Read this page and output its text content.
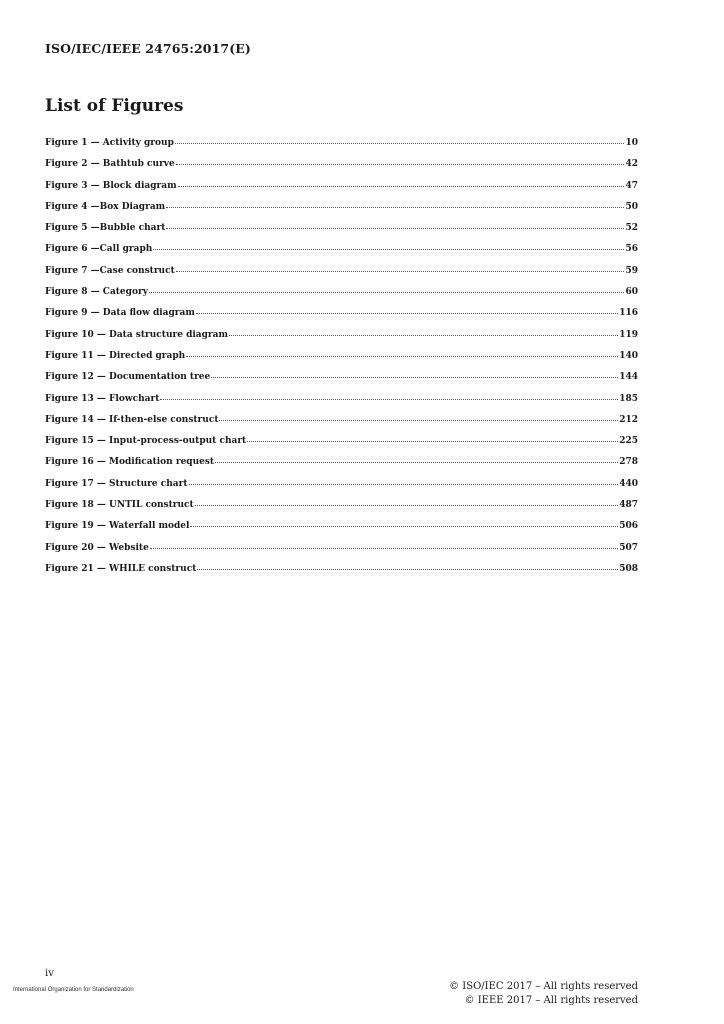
ISO/IEC/IEEE 24765:2017(E)
List of Figures
Figure 1 — Activity group	10
Figure 2 — Bathtub curve	42
Figure 3 — Block diagram	47
Figure 4 —Box Diagram	50
Figure 5 —Bubble chart	52
Figure 6 —Call graph	56
Figure 7 —Case construct	59
Figure 8 — Category	60
Figure 9 — Data flow diagram	116
Figure 10 — Data structure diagram	119
Figure 11 — Directed graph	140
Figure 12 — Documentation tree	144
Figure 13 — Flowchart	185
Figure 14 — If-then-else construct	212
Figure 15 — Input-process-output chart	225
Figure 16 — Modification request	278
Figure 17 — Structure chart	440
Figure 18 — UNTIL construct	487
Figure 19 — Waterfall model	506
Figure 20 — Website	507
Figure 21 — WHILE construct	508
iv
International Organization for Standardization	© ISO/IEC 2017 – All rights reserved
© IEEE 2017 – All rights reserved
